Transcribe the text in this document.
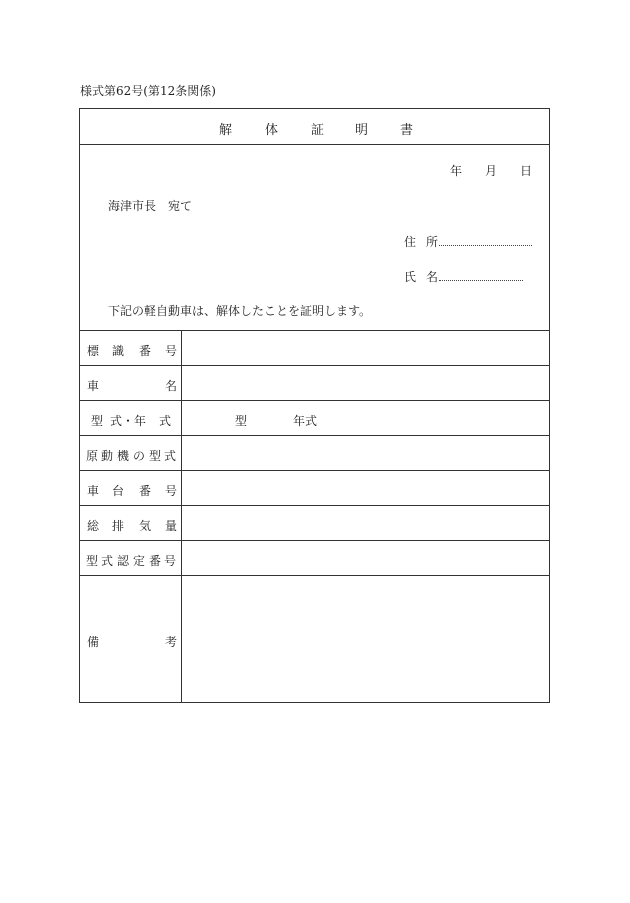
様式第62号(第12条関係)
解	体	証 明 書
年 月 日
海津市長　宛て
住 所
氏 名
下記の軽自動車は、解体したことを証明します。
標 識 番 号
車	名
型 式・年 式	型	年式
原 動 機 の 型 式
車 台 番 号
総 排 気 量
型 式 認 定 番 号
備	考
